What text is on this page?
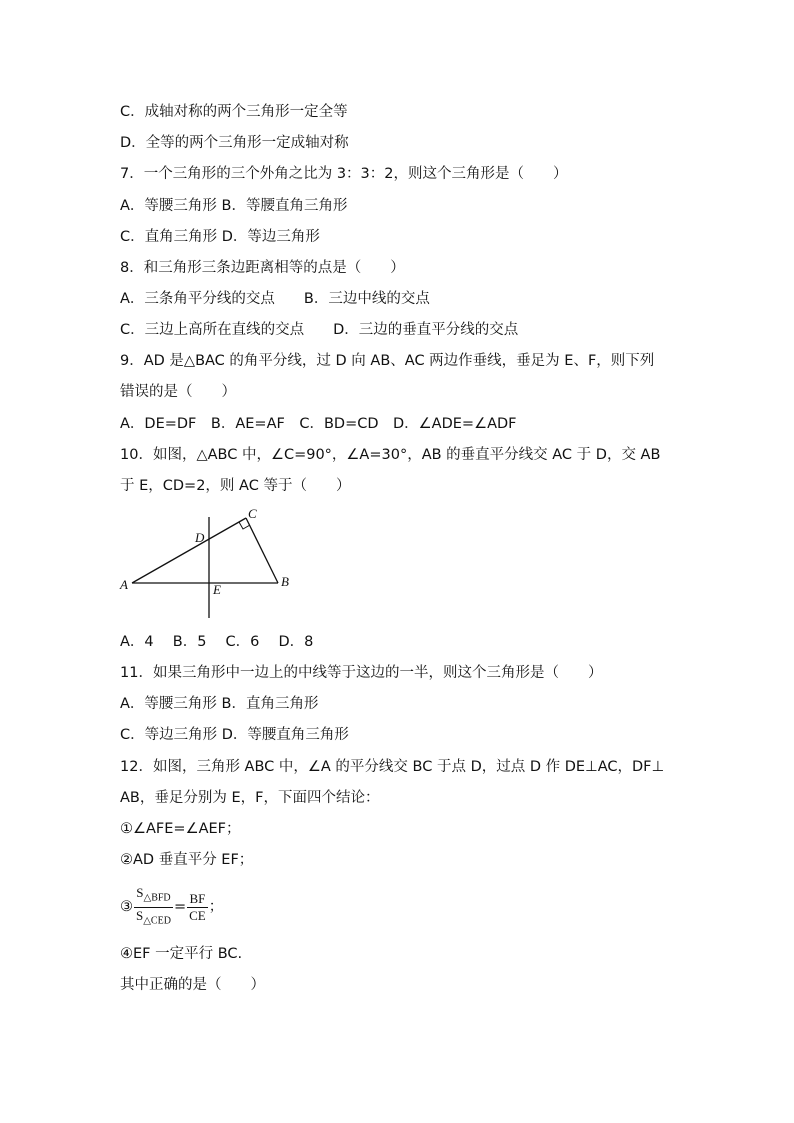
C．成轴对称的两个三角形一定全等
D．全等的两个三角形一定成轴对称
7．一个三角形的三个外角之比为 3：3：2，则这个三角形是（　　）
A．等腰三角形 B．等腰直角三角形
C．直角三角形 D．等边三角形
8．和三角形三条边距离相等的点是（　　）
A．三条角平分线的交点　　B．三边中线的交点
C．三边上高所在直线的交点　　D．三边的垂直平分线的交点
9．AD 是△BAC 的角平分线，过 D 向 AB、AC 两边作垂线，垂足为 E、F，则下列
错误的是（　　）
A．DE=DF　B．AE=AF　C．BD=CD　D．∠ADE=∠ADF
10．如图，△ABC 中，∠C=90°，∠A=30°，AB 的垂直平分线交 AC 于 D，交 AB
于 E，CD=2，则 AC 等于（　　）
A	B
C
D
E
A．4　 B．5　 C．6　 D．8
11．如果三角形中一边上的中线等于这边的一半，则这个三角形是（　　）
A．等腰三角形 B．直角三角形
C．等边三角形 D．等腰直角三角形
12．如图，三角形 ABC 中，∠A 的平分线交 BC 于点 D，过点 D 作 DE⊥AC，DF⊥
AB，垂足分别为 E，F，下面四个结论：
①∠AFE=∠AEF；
②AD 垂直平分 EF；
③ $\frac{S_{\triangle BFD}}{S_{\triangle CED}} = \frac{BF}{CE}$ ；
④EF 一定平行 BC.
其中正确的是（　　）
